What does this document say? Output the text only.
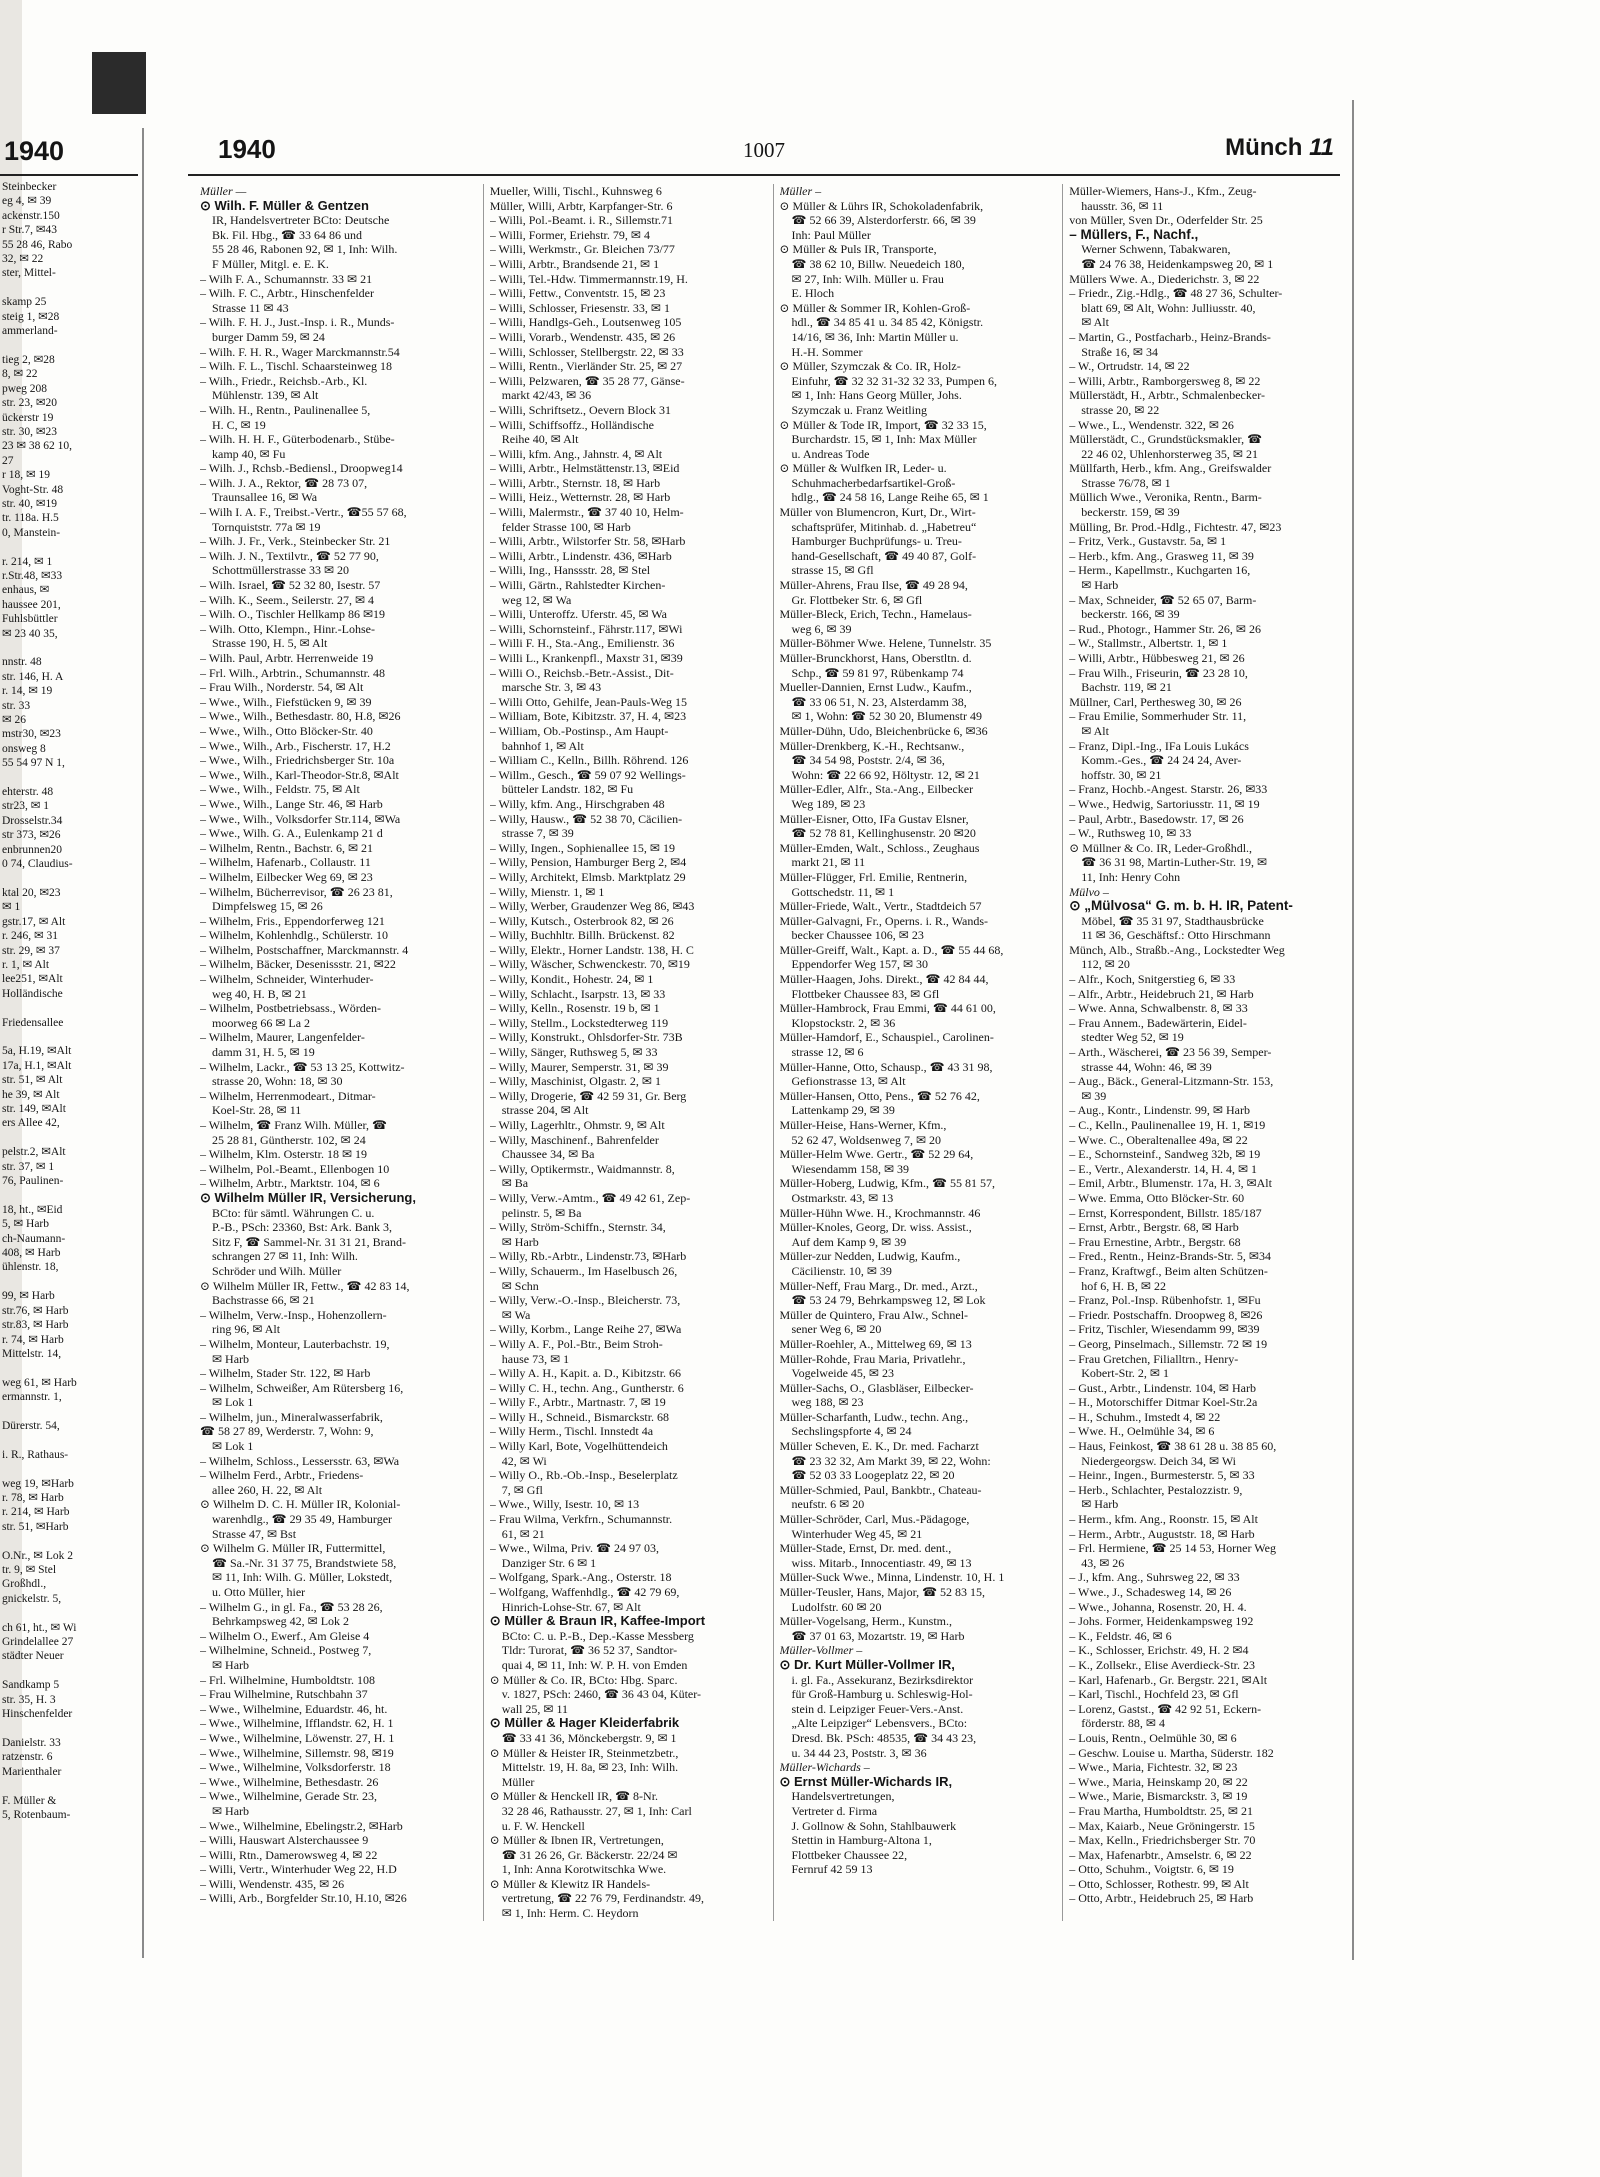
1940
Steinbecker
eg 4, ✉ 39
ackenstr.150
r Str.7, ✉43
55 28 46, Rabo
32, ✉ 22
ster, Mittel-

skamp 25
steig 1, ✉28
ammerland-

tieg 2, ✉28
8, ✉ 22
pweg 208
str. 23, ✉20
ückerstr 19
str. 30, ✉23
23 ✉ 38 62 10,
27
r 18, ✉ 19
Voght-Str. 48
str. 40, ✉19
tr. 118a. H.5
0, Manstein-

r. 214, ✉ 1
r.Str.48, ✉33
enhaus, ✉
haussee 201,
Fuhlsbüttler
✉ 23 40 35,

nnstr. 48
str. 146, H. A
r. 14, ✉ 19
str. 33
✉ 26
mstr30, ✉23
onsweg 8
55 54 97 N 1,

ehterstr. 48
str23, ✉ 1
Drosselstr.34
str 373, ✉26
enbrunnen20
0 74, Claudius-

ktal 20, ✉23
✉ 1
gstr.17, ✉ Alt
r. 246, ✉ 31
str. 29, ✉ 37
r. 1, ✉ Alt
lee251, ✉Alt
Holländische

Friedensallee

5a, H.19, ✉Alt
17a, H.1, ✉Alt
str. 51, ✉ Alt
he 39, ✉ Alt
str. 149, ✉Alt
ers Allee 42,

pelstr.2, ✉Alt
str. 37, ✉ 1
76, Paulinen-

18, ht., ✉Eid
5, ✉ Harb
ch-Naumann-
408, ✉ Harb
ühlenstr. 18,

99, ✉ Harb
str.76, ✉ Harb
str.83, ✉ Harb
r. 74, ✉ Harb
Mittelstr. 14,

weg 61, ✉ Harb
ermannstr. 1,

Dürerstr. 54,

i. R., Rathaus-

weg 19, ✉Harb
r. 78, ✉ Harb
r. 214, ✉ Harb
str. 51, ✉Harb

O.Nr., ✉ Lok 2
tr. 9, ✉ Stel
Großhdl.,
gnickelstr. 5,

ch 61, ht., ✉ Wi
Grindelallee 27
städter Neuer

Sandkamp 5
str. 35, H. 3
Hinschenfelder

Danielstr. 33
ratzenstr. 6
Marienthaler

F. Müller &
5, Rotenbaum-
1940	1007	Münch 11
Müller —
⊙ Wilh. F. Müller & Gentzen
IR, Handelsvertreter BCto: Deutsche
Bk. Fil. Hbg., ☎ 33 64 86 und
55 28 46, Rabonen 92, ✉ 1, Inh: Wilh.
F Müller, Mitgl. e. E. K.
– Wilh F. A., Schumannstr. 33 ✉ 21
– Wilh. F. C., Arbtr., Hinschenfelder
Strasse 11 ✉ 43
– Wilh. F. H. J., Just.-Insp. i. R., Munds-
burger Damm 59, ✉ 24
– Wilh. F. H. R., Wager Marckmannstr.54
– Wilh. F. L., Tischl. Schaarsteinweg 18
– Wilh., Friedr., Reichsb.-Arb., Kl.
Mühlenstr. 139, ✉ Alt
– Wilh. H., Rentn., Paulinenallee 5,
H. C, ✉ 19
– Wilh. H. H. F., Güterbodenarb., Stübe-
kamp 40, ✉ Fu
– Wilh. J., Rchsb.-Bediensl., Droopweg14
– Wilh. J. A., Rektor, ☎ 28 73 07,
Traunsallee 16, ✉ Wa
– Wilh I. A. F., Treibst.-Vertr., ☎55 57 68,
Tornquiststr. 77a ✉ 19
– Wilh. J. Fr., Verk., Steinbecker Str. 21
– Wilh. J. N., Textilvtr., ☎ 52 77 90,
Schottmüllerstrasse 33 ✉ 20
– Wilh. Israel, ☎ 52 32 80, Isestr. 57
– Wilh. K., Seem., Seilerstr. 27, ✉ 4
– Wilh. O., Tischler Hellkamp 86 ✉19
– Wilh. Otto, Klempn., Hinr.-Lohse-
Strasse 190, H. 5, ✉ Alt
– Wilh. Paul, Arbtr. Herrenweide 19
– Frl. Wilh., Arbtrin., Schumannstr. 48
– Frau Wilh., Norderstr. 54, ✉ Alt
– Wwe., Wilh., Fiefstücken 9, ✉ 39
– Wwe., Wilh., Bethesdastr. 80, H.8, ✉26
– Wwe., Wilh., Otto Blöcker-Str. 40
– Wwe., Wilh., Arb., Fischerstr. 17, H.2
– Wwe., Wilh., Friedrichsberger Str. 10a
– Wwe., Wilh., Karl-Theodor-Str.8, ✉Alt
– Wwe., Wilh., Feldstr. 75, ✉ Alt
– Wwe., Wilh., Lange Str. 46, ✉ Harb
– Wwe., Wilh., Volksdorfer Str.114, ✉Wa
– Wwe., Wilh. G. A., Eulenkamp 21 d
– Wilhelm, Rentn., Bachstr. 6, ✉ 21
– Wilhelm, Hafenarb., Collaustr. 11
– Wilhelm, Eilbecker Weg 69, ✉ 23
– Wilhelm, Bücherrevisor, ☎ 26 23 81,
Dimpfelsweg 15, ✉ 26
– Wilhelm, Fris., Eppendorferweg 121
– Wilhelm, Kohlenhdlg., Schülerstr. 10
– Wilhelm, Postschaffner, Marckmannstr. 4
– Wilhelm, Bäcker, Desenissstr. 21, ✉22
– Wilhelm, Schneider, Winterhuder-
weg 40, H. B, ✉ 21
– Wilhelm, Postbetriebsass., Wörden-
moorweg 66 ✉ La 2
– Wilhelm, Maurer, Langenfelder-
damm 31, H. 5, ✉ 19
– Wilhelm, Lackr., ☎ 53 13 25, Kottwitz-
strasse 20, Wohn: 18, ✉ 30
– Wilhelm, Herrenmodeart., Ditmar-
Koel-Str. 28, ✉ 11
– Wilhelm, ☎ Franz Wilh. Müller, ☎
25 28 81, Güntherstr. 102, ✉ 24
– Wilhelm, Klm. Osterstr. 18 ✉ 19
– Wilhelm, Pol.-Beamt., Ellenbogen 10
– Wilhelm, Arbtr., Marktstr. 104, ✉ 6
⊙ Wilhelm Müller IR, Versicherung,
BCto: für sämtl. Währungen C. u.
P.-B., PSch: 23360, Bst: Ark. Bank 3,
Sitz F, ☎ Sammel-Nr. 31 31 21, Brand-
schrangen 27 ✉ 11, Inh: Wilh.
Schröder und Wilh. Müller
⊙ Wilhelm Müller IR, Fettw., ☎ 42 83 14,
Bachstrasse 66, ✉ 21
– Wilhelm, Verw.-Insp., Hohenzollern-
ring 96, ✉ Alt
– Wilhelm, Monteur, Lauterbachstr. 19,
✉ Harb
– Wilhelm, Stader Str. 122, ✉ Harb
– Wilhelm, Schweißer, Am Rütersberg 16,
✉ Lok 1
– Wilhelm, jun., Mineralwasserfabrik,
☎ 58 27 89, Werderstr. 7, Wohn: 9,
✉ Lok 1
– Wilhelm, Schloss., Lessersstr. 63, ✉Wa
– Wilhelm Ferd., Arbtr., Friedens-
allee 260, H. 22, ✉ Alt
⊙ Wilhelm D. C. H. Müller IR, Kolonial-
warenhdlg., ☎ 29 35 49, Hamburger
Strasse 47, ✉ Bst
⊙ Wilhelm G. Müller IR, Futtermittel,
☎ Sa.-Nr. 31 37 75, Brandstwiete 58,
✉ 11, Inh: Wilh. G. Müller, Lokstedt,
u. Otto Müller, hier
– Wilhelm G., in gl. Fa., ☎ 53 28 26,
Behrkampsweg 42, ✉ Lok 2
– Wilhelm O., Ewerf., Am Gleise 4
– Wilhelmine, Schneid., Postweg 7,
✉ Harb
– Frl. Wilhelmine, Humboldtstr. 108
– Frau Wilhelmine, Rutschbahn 37
– Wwe., Wilhelmine, Eduardstr. 46, ht.
– Wwe., Wilhelmine, Ifflandstr. 62, H. 1
– Wwe., Wilhelmine, Löwenstr. 27, H. 1
– Wwe., Wilhelmine, Sillemstr. 98, ✉19
– Wwe., Wilhelmine, Volksdorferstr. 18
– Wwe., Wilhelmine, Bethesdastr. 26
– Wwe., Wilhelmine, Gerade Str. 23,
✉ Harb
– Wwe., Wilhelmine, Ebelingstr.2, ✉Harb
– Willi, Hauswart Alsterchaussee 9
– Willi, Rtn., Damerowsweg 4, ✉ 22
– Willi, Vertr., Winterhuder Weg 22, H.D
– Willi, Wendenstr. 435, ✉ 26
– Willi, Arb., Borgfelder Str.10, H.10, ✉26
Mueller, Willi, Tischl., Kuhnsweg 6
Müller, Willi, Arbtr, Karpfanger-Str. 6
– Willi, Pol.-Beamt. i. R., Sillemstr.71
– Willi, Former, Eriehstr. 79, ✉ 4
– Willi, Werkmstr., Gr. Bleichen 73/77
– Willi, Arbtr., Brandsende 21, ✉ 1
– Willi, Tel.-Hdw. Timmermannstr.19, H.
– Willi, Fettw., Conventstr. 15, ✉ 23
– Willi, Schlosser, Friesenstr. 33, ✉ 1
– Willi, Handlgs-Geh., Loutsenweg 105
– Willi, Vorarb., Wendenstr. 435, ✉ 26
– Willi, Schlosser, Stellbergstr. 22, ✉ 33
– Willi, Rentn., Vierländer Str. 25, ✉ 27
– Willi, Pelzwaren, ☎ 35 28 77, Gänse-
markt 42/43, ✉ 36
– Willi, Schriftsetz., Oevern Block 31
– Willi, Schiffsoffz., Holländische
Reihe 40, ✉ Alt
– Willi, kfm. Ang., Jahnstr. 4, ✉ Alt
– Willi, Arbtr., Helmstättenstr.13, ✉Eid
– Willi, Arbtr., Sternstr. 18, ✉ Harb
– Willi, Heiz., Wetternstr. 28, ✉ Harb
– Willi, Malermstr., ☎ 37 40 10, Helm-
felder Strasse 100, ✉ Harb
– Willi, Arbtr., Wilstorfer Str. 58, ✉Harb
– Willi, Arbtr., Lindenstr. 436, ✉Harb
– Willi, Ing., Hanssstr. 28, ✉ Stel
– Willi, Gärtn., Rahlstedter Kirchen-
weg 12, ✉ Wa
– Willi, Unteroffz. Uferstr. 45, ✉ Wa
– Willi, Schornsteinf., Fährstr.117, ✉Wi
– Willi F. H., Sta.-Ang., Emilienstr. 36
– Willi L., Krankenpfl., Maxstr 31, ✉39
– Willi O., Reichsb.-Betr.-Assist., Dit-
marsche Str. 3, ✉ 43
– Willi Otto, Gehilfe, Jean-Pauls-Weg 15
– William, Bote, Kibitzstr. 37, H. 4, ✉23
– William, Ob.-Postinsp., Am Haupt-
bahnhof 1, ✉ Alt
– William C., Kelln., Billh. Röhrend. 126
– Willm., Gesch., ☎ 59 07 92 Wellings-
bütteler Landstr. 182, ✉ Fu
– Willy, kfm. Ang., Hirschgraben 48
– Willy, Hausw., ☎ 52 38 70, Cäcilien-
strasse 7, ✉ 39
– Willy, Ingen., Sophienallee 15, ✉ 19
– Willy, Pension, Hamburger Berg 2, ✉4
– Willy, Architekt, Elmsb. Marktplatz 29
– Willy, Mienstr. 1, ✉ 1
– Willy, Werber, Graudenzer Weg 86, ✉43
– Willy, Kutsch., Osterbrook 82, ✉ 26
– Willy, Buchhltr. Billh. Brückenst. 82
– Willy, Elektr., Horner Landstr. 138, H. C
– Willy, Wäscher, Schwenckestr. 70, ✉19
– Willy, Kondit., Hohestr. 24, ✉ 1
– Willy, Schlacht., Isarpstr. 13, ✉ 33
– Willy, Kelln., Rosenstr. 19 b, ✉ 1
– Willy, Stellm., Lockstedterweg 119
– Willy, Konstrukt., Ohlsdorfer-Str. 73B
– Willy, Sänger, Ruthsweg 5, ✉ 33
– Willy, Maurer, Semperstr. 31, ✉ 39
– Willy, Maschinist, Olgastr. 2, ✉ 1
– Willy, Drogerie, ☎ 42 59 31, Gr. Berg
strasse 204, ✉ Alt
– Willy, Lagerhltr., Ohmstr. 9, ✉ Alt
– Willy, Maschinenf., Bahrenfelder
Chaussee 34, ✉ Ba
– Willy, Optikermstr., Waidmannstr. 8,
✉ Ba
– Willy, Verw.-Amtm., ☎ 49 42 61, Zep-
pelinstr. 5, ✉ Ba
– Willy, Ström-Schiffn., Sternstr. 34,
✉ Harb
– Willy, Rb.-Arbtr., Lindenstr.73, ✉Harb
– Willy, Schauerm., Im Haselbusch 26,
✉ Schn
– Willy, Verw.-O.-Insp., Bleicherstr. 73,
✉ Wa
– Willy, Korbm., Lange Reihe 27, ✉Wa
– Willy A. F., Pol.-Btr., Beim Stroh-
hause 73, ✉ 1
– Willy A. H., Kapit. a. D., Kibitzstr. 66
– Willy C. H., techn. Ang., Guntherstr. 6
– Willy F., Arbtr., Martnastr. 7, ✉ 19
– Willy H., Schneid., Bismarckstr. 68
– Willy Herm., Tischl. Innstedt 4a
– Willy Karl, Bote, Vogelhüttendeich
42, ✉ Wi
– Willy O., Rb.-Ob.-Insp., Beselerplatz
7, ✉ Gfl
– Wwe., Willy, Isestr. 10, ✉ 13
– Frau Wilma, Verkfrn., Schumannstr.
61, ✉ 21
– Wwe., Wilma, Priv. ☎ 24 97 03,
Danziger Str. 6 ✉ 1
– Wolfgang, Spark.-Ang., Osterstr. 18
– Wolfgang, Waffenhdlg., ☎ 42 79 69,
Hinrich-Lohse-Str. 67, ✉ Alt
⊙ Müller & Braun IR, Kaffee-Import
BCto: C. u. P.-B., Dep.-Kasse Messberg
Tldr: Turorat, ☎ 36 52 37, Sandtor-
quai 4, ✉ 11, Inh: W. P. H. von Emden
⊙ Müller & Co. IR, BCto: Hbg. Sparc.
v. 1827, PSch: 2460, ☎ 36 43 04, Küter-
wall 25, ✉ 11
⊙ Müller & Hager Kleiderfabrik
☎ 33 41 36, Mönckebergstr. 9, ✉ 1
⊙ Müller & Heister IR, Steinmetzbetr.,
Mittelstr. 19, H. 8a, ✉ 23, Inh: Wilh.
Müller
⊙ Müller & Henckell IR, ☎ 8-Nr.
32 28 46, Rathausstr. 27, ✉ 1, Inh: Carl
u. F. W. Henckell
⊙ Müller & Ibnen IR, Vertretungen,
☎ 31 26 26, Gr. Bäckerstr. 22/24 ✉
1, Inh: Anna Korotwitschka Wwe.
⊙ Müller & Klewitz IR Handels-
vertretung, ☎ 22 76 79, Ferdinandstr. 49,
✉ 1, Inh: Herm. C. Heydorn
Müller –
⊙ Müller & Lührs IR, Schokoladenfabrik,
☎ 52 66 39, Alsterdorferstr. 66, ✉ 39
Inh: Paul Müller
⊙ Müller & Puls IR, Transporte,
☎ 38 62 10, Billw. Neuedeich 180,
✉ 27, Inh: Wilh. Müller u. Frau
E. Hloch
⊙ Müller & Sommer IR, Kohlen-Groß-
hdl., ☎ 34 85 41 u. 34 85 42, Königstr.
14/16, ✉ 36, Inh: Martin Müller u.
H.-H. Sommer
⊙ Müller, Szymczak & Co. IR, Holz-
Einfuhr, ☎ 32 32 31-32 32 33, Pumpen 6,
✉ 1, Inh: Hans Georg Müller, Johs.
Szymczak u. Franz Weitling
⊙ Müller & Tode IR, Import, ☎ 32 33 15,
Burchardstr. 15, ✉ 1, Inh: Max Müller
u. Andreas Tode
⊙ Müller & Wulfken IR, Leder- u.
Schuhmacherbedarfsartikel-Groß-
hdlg., ☎ 24 58 16, Lange Reihe 65, ✉ 1
Müller von Blumencron, Kurt, Dr., Wirt-
schaftsprüfer, Mitinhab. d. „Habetreu“
Hamburger Buchprüfungs- u. Treu-
hand-Gesellschaft, ☎ 49 40 87, Golf-
strasse 15, ✉ Gfl
Müller-Ahrens, Frau Ilse, ☎ 49 28 94,
Gr. Flottbeker Str. 6, ✉ Gfl
Müller-Bleck, Erich, Techn., Hamelaus-
weg 6, ✉ 39
Müller-Böhmer Wwe. Helene, Tunnelstr. 35
Müller-Brunckhorst, Hans, Oberstltn. d.
Schp., ☎ 59 81 97, Rübenkamp 74
Mueller-Dannien, Ernst Ludw., Kaufm.,
☎ 33 06 51, N. 23, Alsterdamm 38,
✉ 1, Wohn: ☎ 52 30 20, Blumenstr 49
Müller-Dühn, Udo, Bleichenbrücke 6, ✉36
Müller-Drenkberg, K.-H., Rechtsanw.,
☎ 34 54 98, Poststr. 2/4, ✉ 36,
Wohn: ☎ 22 66 92, Höltystr. 12, ✉ 21
Müller-Edler, Alfr., Sta.-Ang., Eilbecker
Weg 189, ✉ 23
Müller-Eisner, Otto, IFa Gustav Elsner,
☎ 52 78 81, Kellinghusenstr. 20 ✉20
Müller-Emden, Walt., Schloss., Zeughaus
markt 21, ✉ 11
Müller-Flügger, Frl. Emilie, Rentnerin,
Gottschedstr. 11, ✉ 1
Müller-Friede, Walt., Vertr., Stadtdeich 57
Müller-Galvagni, Fr., Operns. i. R., Wands-
becker Chaussee 106, ✉ 23
Müller-Greiff, Walt., Kapt. a. D., ☎ 55 44 68,
Eppendorfer Weg 157, ✉ 30
Müller-Haagen, Johs. Direkt., ☎ 42 84 44,
Flottbeker Chaussee 83, ✉ Gfl
Müller-Hambrock, Frau Emmi, ☎ 44 61 00,
Klopstockstr. 2, ✉ 36
Müller-Hamdorf, E., Schauspiel., Carolinen-
strasse 12, ✉ 6
Müller-Hanne, Otto, Schausp., ☎ 43 31 98,
Gefionstrasse 13, ✉ Alt
Müller-Hansen, Otto, Pens., ☎ 52 76 42,
Lattenkamp 29, ✉ 39
Müller-Heise, Hans-Werner, Kfm.,
52 62 47, Woldsenweg 7, ✉ 20
Müller-Helm Wwe. Gertr., ☎ 52 29 64,
Wiesendamm 158, ✉ 39
Müller-Hoberg, Ludwig, Kfm., ☎ 55 81 57,
Ostmarkstr. 43, ✉ 13
Müller-Hühn Wwe. H., Krochmannstr. 46
Müller-Knoles, Georg, Dr. wiss. Assist.,
Auf dem Kamp 9, ✉ 39
Müller-zur Nedden, Ludwig, Kaufm.,
Cäcilienstr. 10, ✉ 39
Müller-Neff, Frau Marg., Dr. med., Arzt.,
☎ 53 24 79, Behrkampsweg 12, ✉ Lok
Müller de Quintero, Frau Alw., Schnel-
sener Weg 6, ✉ 20
Müller-Roehler, A., Mittelweg 69, ✉ 13
Müller-Rohde, Frau Maria, Privatlehr.,
Vogelweide 45, ✉ 23
Müller-Sachs, O., Glasbläser, Eilbecker-
weg 188, ✉ 23
Müller-Scharfanth, Ludw., techn. Ang.,
Sechslingspforte 4, ✉ 24
Müller Scheven, E. K., Dr. med. Facharzt
☎ 23 32 32, Am Markt 39, ✉ 22, Wohn:
☎ 52 03 33 Loogeplatz 22, ✉ 20
Müller-Schmied, Paul, Bankbtr., Chateau-
neufstr. 6 ✉ 20
Müller-Schröder, Carl, Mus.-Pädagoge,
Winterhuder Weg 45, ✉ 21
Müller-Stade, Ernst, Dr. med. dent.,
wiss. Mitarb., Innocentiastr. 49, ✉ 13
Müller-Suck Wwe., Minna, Lindenstr. 10, H. 1
Müller-Teusler, Hans, Major, ☎ 52 83 15,
Ludolfstr. 60 ✉ 20
Müller-Vogelsang, Herm., Kunstm.,
☎ 37 01 63, Mozartstr. 19, ✉ Harb
Müller-Vollmer –
⊙ Dr. Kurt Müller-Vollmer IR,
i. gl. Fa., Assekuranz, Bezirksdirektor
für Groß-Hamburg u. Schleswig-Hol-
stein d. Leipziger Feuer-Vers.-Anst.
„Alte Leipziger“ Lebensvers., BCto:
Dresd. Bk. PSch: 48535, ☎ 34 43 23,
u. 34 44 23, Poststr. 3, ✉ 36
Müller-Wichards –
⊙ Ernst Müller-Wichards IR,
Handelsvertretungen,
Vertreter d. Firma
J. Gollnow & Sohn, Stahlbauwerk
Stettin in Hamburg-Altona 1,
Flottbeker Chaussee 22,
Fernruf 42 59 13
Müller-Wiemers, Hans-J., Kfm., Zeug-
hausstr. 36, ✉ 11
von Müller, Sven Dr., Oderfelder Str. 25
– Müllers, F., Nachf.,
Werner Schwenn, Tabakwaren,
☎ 24 76 38, Heidenkampsweg 20, ✉ 1
Müllers Wwe. A., Diederichstr. 3, ✉ 22
– Friedr., Zig.-Hdlg., ☎ 48 27 36, Schulter-
blatt 69, ✉ Alt, Wohn: Julliusstr. 40,
✉ Alt
– Martin, G., Postfacharb., Heinz-Brands-
Straße 16, ✉ 34
– W., Ortrudstr. 14, ✉ 22
– Willi, Arbtr., Ramborgersweg 8, ✉ 22
Müllerstädt, H., Arbtr., Schmalenbecker-
strasse 20, ✉ 22
– Wwe., L., Wendenstr. 322, ✉ 26
Müllerstädt, C., Grundstücksmakler, ☎
22 46 02, Uhlenhorsterweg 35, ✉ 21
Müllfarth, Herb., kfm. Ang., Greifswalder
Strasse 76/78, ✉ 1
Müllich Wwe., Veronika, Rentn., Barm-
beckerstr. 159, ✉ 39
Mülling, Br. Prod.-Hdlg., Fichtestr. 47, ✉23
– Fritz, Verk., Gustavstr. 5a, ✉ 1
– Herb., kfm. Ang., Grasweg 11, ✉ 39
– Herm., Kapellmstr., Kuchgarten 16,
✉ Harb
– Max, Schneider, ☎ 52 65 07, Barm-
beckerstr. 166, ✉ 39
– Rud., Photogr., Hammer Str. 26, ✉ 26
– W., Stallmstr., Albertstr. 1, ✉ 1
– Willi, Arbtr., Hübbesweg 21, ✉ 26
– Frau Wilh., Friseurin, ☎ 23 28 10,
Bachstr. 119, ✉ 21
Müllner, Carl, Pertheswеg 30, ✉ 26
– Frau Emilie, Sommerhuder Str. 11,
✉ Alt
– Franz, Dipl.-Ing., IFa Louis Lukács
Komm.-Ges., ☎ 24 24 24, Aver-
hoffstr. 30, ✉ 21
– Franz, Hochb.-Angest. Starstr. 26, ✉33
– Wwe., Hedwig, Sartoriusstr. 11, ✉ 19
– Paul, Arbtr., Basedowstr. 17, ✉ 26
– W., Ruthsweg 10, ✉ 33
⊙ Müllner & Co. IR, Leder-Großhdl.,
☎ 36 31 98, Martin-Luther-Str. 19, ✉
11, Inh: Henry Cohn
Mülvo –
⊙ „Mülvosa“ G. m. b. H. IR, Patent-
Möbel, ☎ 35 31 97, Stadthausbrücke
11 ✉ 36, Geschäftsf.: Otto Hirschmann
Münch, Alb., Straßb.-Ang., Lockstedter Weg
112, ✉ 20
– Alfr., Koch, Snitgerstieg 6, ✉ 33
– Alfr., Arbtr., Heidebruch 21, ✉ Harb
– Wwe. Anna, Schwalbenstr. 8, ✉ 33
– Frau Annem., Badewärterin, Eidel-
stedter Weg 52, ✉ 19
– Arth., Wäscherei, ☎ 23 56 39, Semper-
strasse 44, Wohn: 46, ✉ 39
– Aug., Bäck., General-Litzmann-Str. 153,
✉ 39
– Aug., Kontr., Lindenstr. 99, ✉ Harb
– C., Kelln., Paulinenallee 19, H. 1, ✉19
– Wwe. C., Oberaltenallee 49a, ✉ 22
– E., Schornsteinf., Sandweg 32b, ✉ 19
– E., Vertr., Alexanderstr. 14, H. 4, ✉ 1
– Emil, Arbtr., Blumenstr. 17a, H. 3, ✉Alt
– Wwe. Emma, Otto Blöcker-Str. 60
– Ernst, Korrespondent, Billstr. 185/187
– Ernst, Arbtr., Bergstr. 68, ✉ Harb
– Frau Ernestine, Arbtr., Bergstr. 68
– Fred., Rentn., Heinz-Brands-Str. 5, ✉34
– Franz, Kraftwgf., Beim alten Schützen-
hof 6, H. B, ✉ 22
– Franz, Pol.-Insp. Rübenhofstr. 1, ✉Fu
– Friedr. Postschaffn. Droopweg 8, ✉26
– Fritz, Tischler, Wiesendamm 99, ✉39
– Georg, Pinselmach., Sillemstr. 72 ✉ 19
– Frau Gretchen, Filialltrn., Henry-
Kobert-Str. 2, ✉ 1
– Gust., Arbtr., Lindenstr. 104, ✉ Harb
– H., Motorschiffer Ditmar Koel-Str.2a
– H., Schuhm., Imstedt 4, ✉ 22
– Wwe. H., Oelmühle 34, ✉ 6
– Haus, Feinkost, ☎ 38 61 28 u. 38 85 60,
Niedergeorgsw. Deich 34, ✉ Wi
– Heinr., Ingen., Burmesterstr. 5, ✉ 33
– Herb., Schlachter, Pestalozzistr. 9,
✉ Harb
– Herm., kfm. Ang., Roonstr. 15, ✉ Alt
– Herm., Arbtr., Auguststr. 18, ✉ Harb
– Frl. Hermiene, ☎ 25 14 53, Horner Weg
43, ✉ 26
– J., kfm. Ang., Suhrsweg 22, ✉ 33
– Wwe., J., Schadesweg 14, ✉ 26
– Wwe., Johanna, Rosenstr. 20, H. 4.
– Johs. Former, Heidenkampsweg 192
– K., Feldstr. 46, ✉ 6
– K., Schlosser, Erichstr. 49, H. 2 ✉4
– K., Zollsekr., Elise Averdieck-Str. 23
– Karl, Hafenarb., Gr. Bergstr. 221, ✉Alt
– Karl, Tischl., Hochfeld 23, ✉ Gfl
– Lorenz, Gastst., ☎ 42 92 51, Eckern-
förderstr. 88, ✉ 4
– Louis, Rentn., Oelmühle 30, ✉ 6
– Geschw. Louise u. Martha, Süderstr. 182
– Wwe., Maria, Fichtestr. 32, ✉ 23
– Wwe., Maria, Heinskamp 20, ✉ 22
– Wwe., Marie, Bismarckstr. 3, ✉ 19
– Frau Martha, Humboldtstr. 25, ✉ 21
– Max, Kaiarb., Neue Gröningerstr. 15
– Max, Kelln., Friedrichsberger Str. 70
– Max, Hafenarbtr., Amselstr. 6, ✉ 22
– Otto, Schuhm., Voigtstr. 6, ✉ 19
– Otto, Schlosser, Rothestr. 99, ✉ Alt
– Otto, Arbtr., Heidebruch 25, ✉ Harb
